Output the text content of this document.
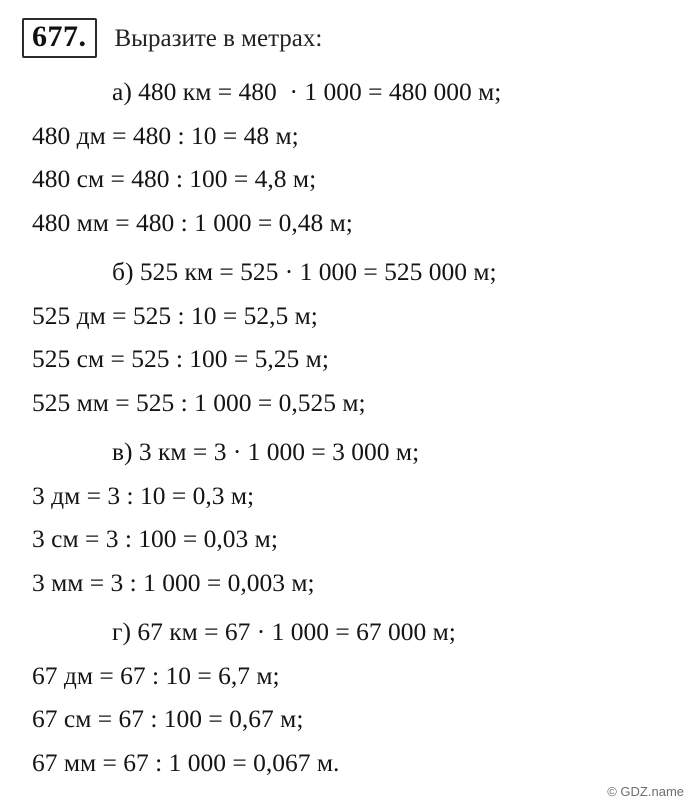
677.	Выразите в метрах:
а) 480 км = 480  · 1 000 = 480 000 м;
480 дм = 480 : 10 = 48 м;
480 см = 480 : 100 = 4,8 м;
480 мм = 480 : 1 000 = 0,48 м;
б) 525 км = 525 · 1 000 = 525 000 м;
525 дм = 525 : 10 = 52,5 м;
525 см = 525 : 100 = 5,25 м;
525 мм = 525 : 1 000 = 0,525 м;
в) 3 км = 3 · 1 000 = 3 000 м;
3 дм = 3 : 10 = 0,3 м;
3 см = 3 : 100 = 0,03 м;
3 мм = 3 : 1 000 = 0,003 м;
г) 67 км = 67 · 1 000 = 67 000 м;
67 дм = 67 : 10 = 6,7 м;
67 см = 67 : 100 = 0,67 м;
67 мм = 67 : 1 000 = 0,067 м.
© GDZ.name
